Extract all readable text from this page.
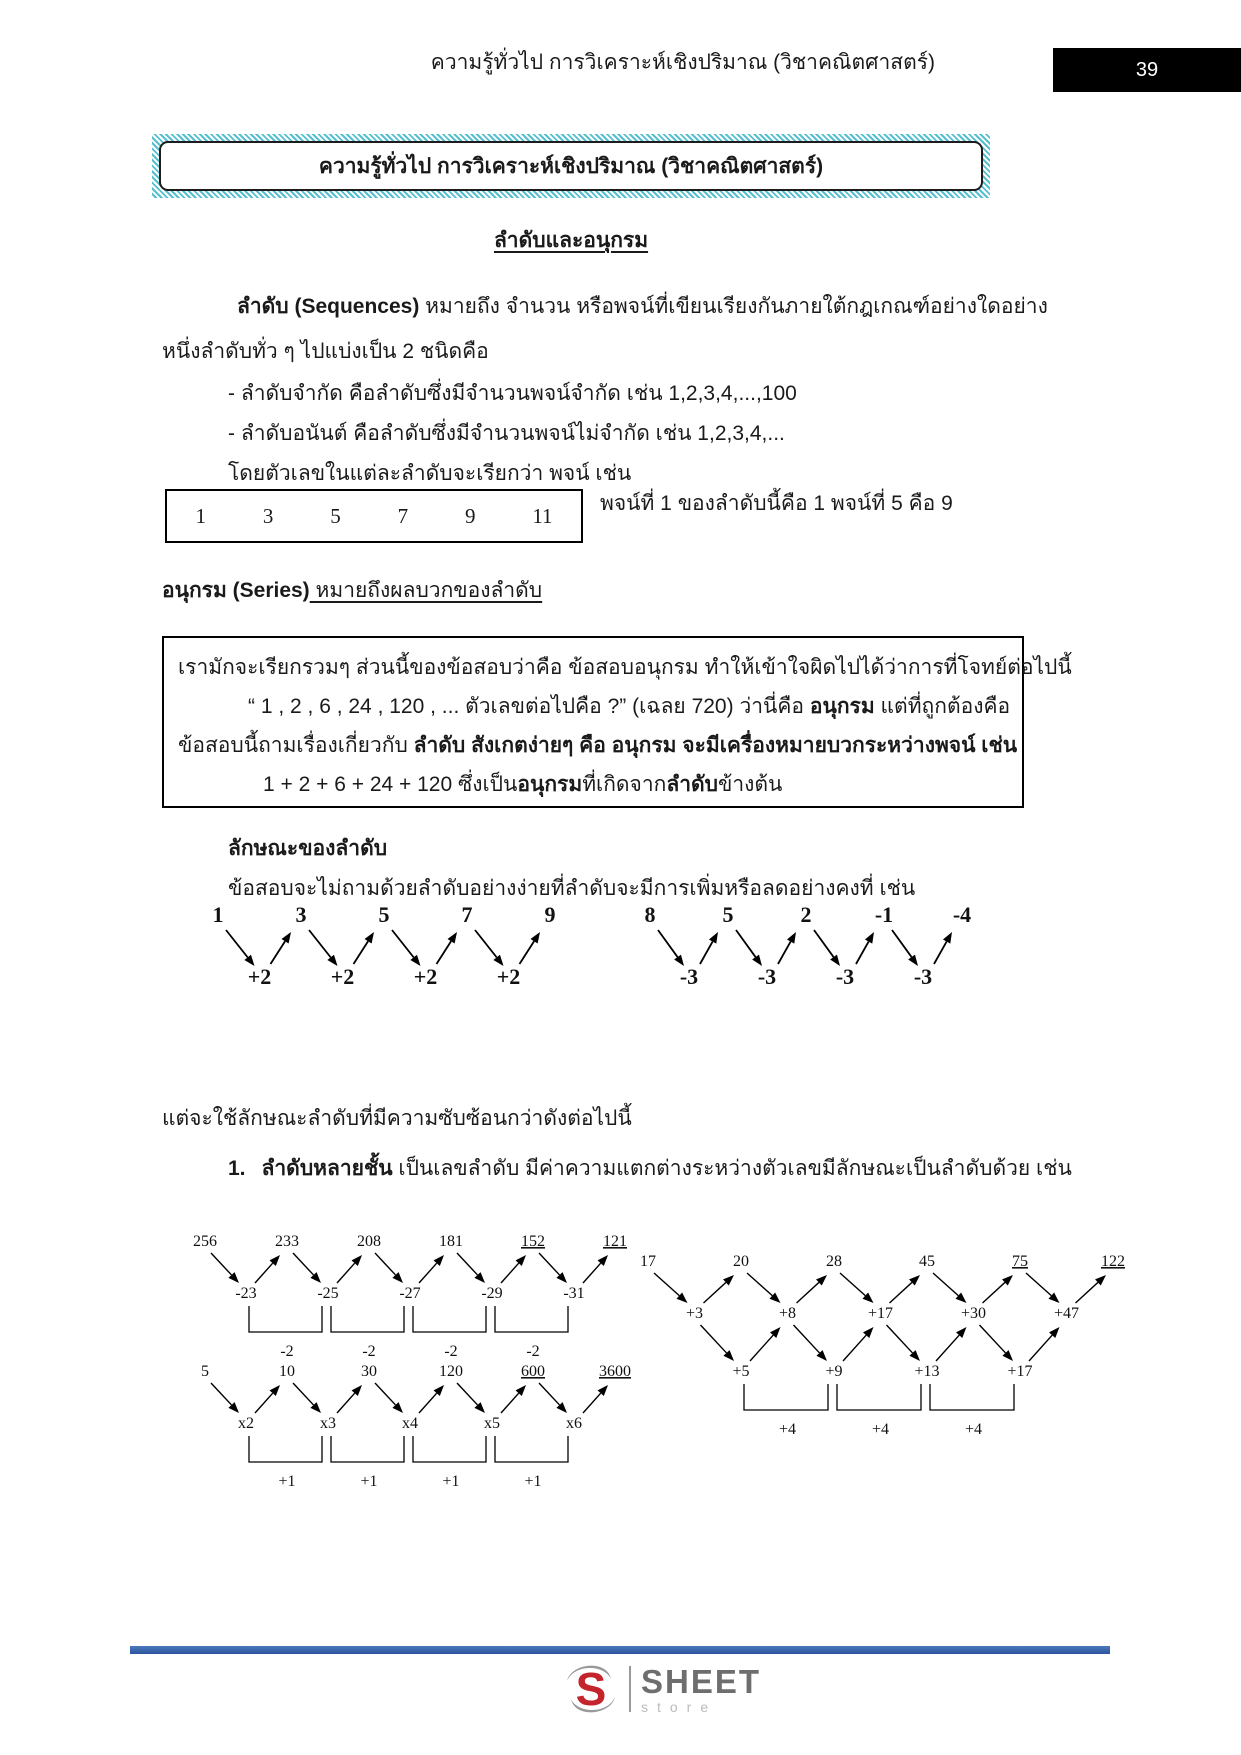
ความรู้ทั่วไป การวิเคราะห์เชิงปริมาณ (วิชาคณิตศาสตร์)	39
ความรู้ทั่วไป การวิเคราะห์เชิงปริมาณ (วิชาคณิตศาสตร์)
ลำดับและอนุกรม
ลำดับ (Sequences) หมายถึง จำนวน หรือพจน์ที่เขียนเรียงกันภายใต้กฎเกณฑ์อย่างใดอย่าง
หนึ่งลำดับทั่ว ๆ ไปแบ่งเป็น 2 ชนิดคือ
- ลำดับจำกัด คือลำดับซึ่งมีจำนวนพจน์จำกัด เช่น 1,2,3,4,...,100
- ลำดับอนันต์ คือลำดับซึ่งมีจำนวนพจน์ไม่จำกัด เช่น 1,2,3,4,...
โดยตัวเลขในแต่ละลำดับจะเรียกว่า พจน์ เช่น
1	3	5	7	9	11 พจน์ที่ 1 ของลำดับนี้คือ 1 พจน์ที่ 5 คือ 9
อนุกรม (Series) หมายถึงผลบวกของลำดับ
เรามักจะเรียกรวมๆ ส่วนนี้ของข้อสอบว่าคือ ข้อสอบอนุกรม ทำให้เข้าใจผิดไปได้ว่าการที่โจทย์ต่อไปนี้
“ 1 , 2 , 6 , 24 , 120 , ... ตัวเลขต่อไปคือ ?” (เฉลย 720) ว่านี่คือ อนุกรม แต่ที่ถูกต้องคือ
ข้อสอบนี้ถามเรื่องเกี่ยวกับ ลำดับ สังเกตง่ายๆ คือ อนุกรม จะมีเครื่องหมายบวกระหว่างพจน์ เช่น
1 + 2 + 6 + 24 + 120 ซึ่งเป็นอนุกรมที่เกิดจากลำดับข้างต้น
ลักษณะของลำดับ
ข้อสอบจะไม่ถามด้วยลำดับอย่างง่ายที่ลำดับจะมีการเพิ่มหรือลดอย่างคงที่ เช่น
1	3	5	7	9
+2	+2	+2	+2
8	5	2	-1	-4
-3	-3	-3	-3
แต่จะใช้ลักษณะลำดับที่มีความซับซ้อนกว่าดังต่อไปนี้
1. ลำดับหลายชั้น เป็นเลขลำดับ มีค่าความแตกต่างระหว่างตัวเลขมีลักษณะเป็นลำดับด้วย เช่น
256	233	208	181	152	121
-23	-25	-27	-29	-31
-2	-2	-2	-2
5	10	30	120	600	3600
x2	x3	x4	x5	x6
+1	+1	+1	+1
17	20	28	45	75	122
+3	+8	+17	+30	+47
+5	+9	+13	+17
+4	+4	+4
S SHEET
store
